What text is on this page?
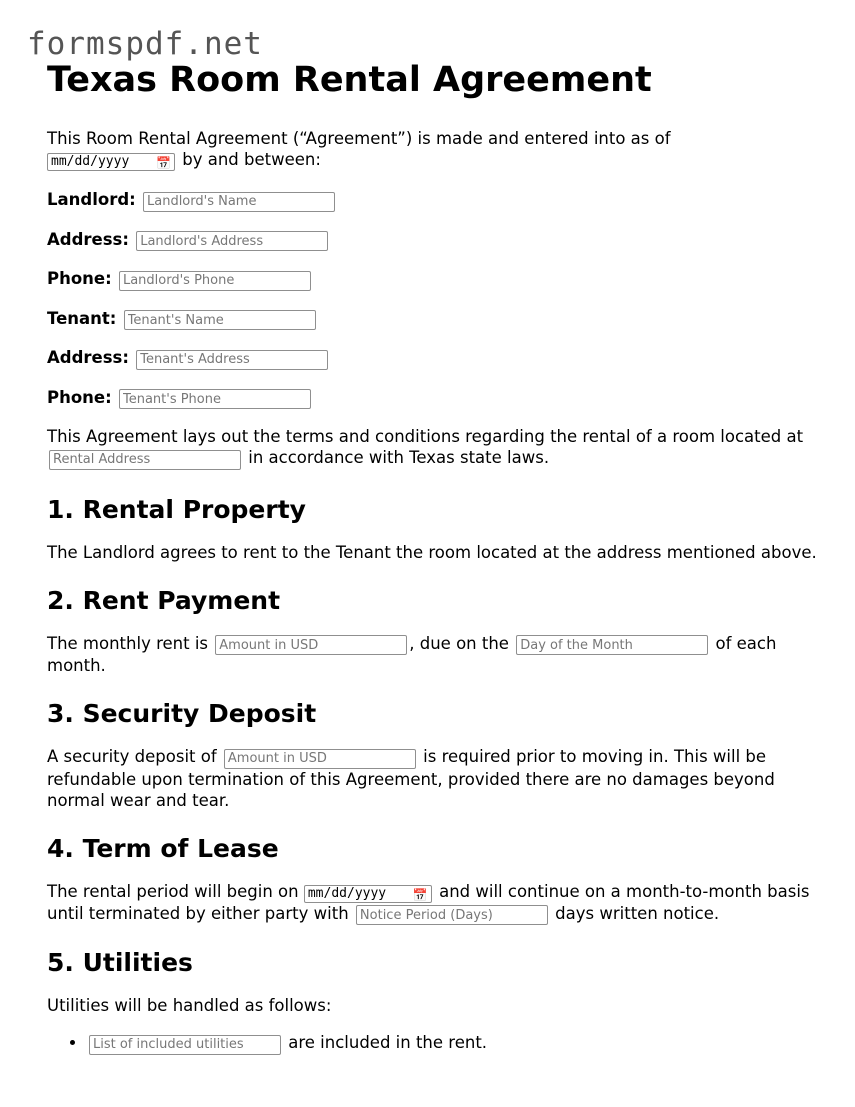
formspdf.net
Texas Room Rental Agreement

This Room Rental Agreement (“Agreement”) is made and entered into as of
mm/dd/yyyy 📅 by and between:

Landlord: Landlord's Name
Address: Landlord's Address
Phone: Landlord's Phone
Tenant: Tenant's Name
Address: Tenant's Address
Phone: Tenant's Phone

This Agreement lays out the terms and conditions regarding the rental of a room located at Rental Address in accordance with Texas state laws.

1. Rental Property

The Landlord agrees to rent to the Tenant the room located at the address mentioned above.

2. Rent Payment

The monthly rent is Amount in USD	, due on the Day of the Month	of each month.

3. Security Deposit

A security deposit of Amount in USD	is required prior to moving in. This will be refundable upon termination of this Agreement, provided there are no damages beyond normal wear and tear.

4. Term of Lease

The rental period will begin on mm/dd/yyyy 📅 and will continue on a month-to-month basis until terminated by either party with Notice Period (Days)	days written notice.

5. Utilities

Utilities will be handled as follows:

List of included utilities • are included in the rent.
